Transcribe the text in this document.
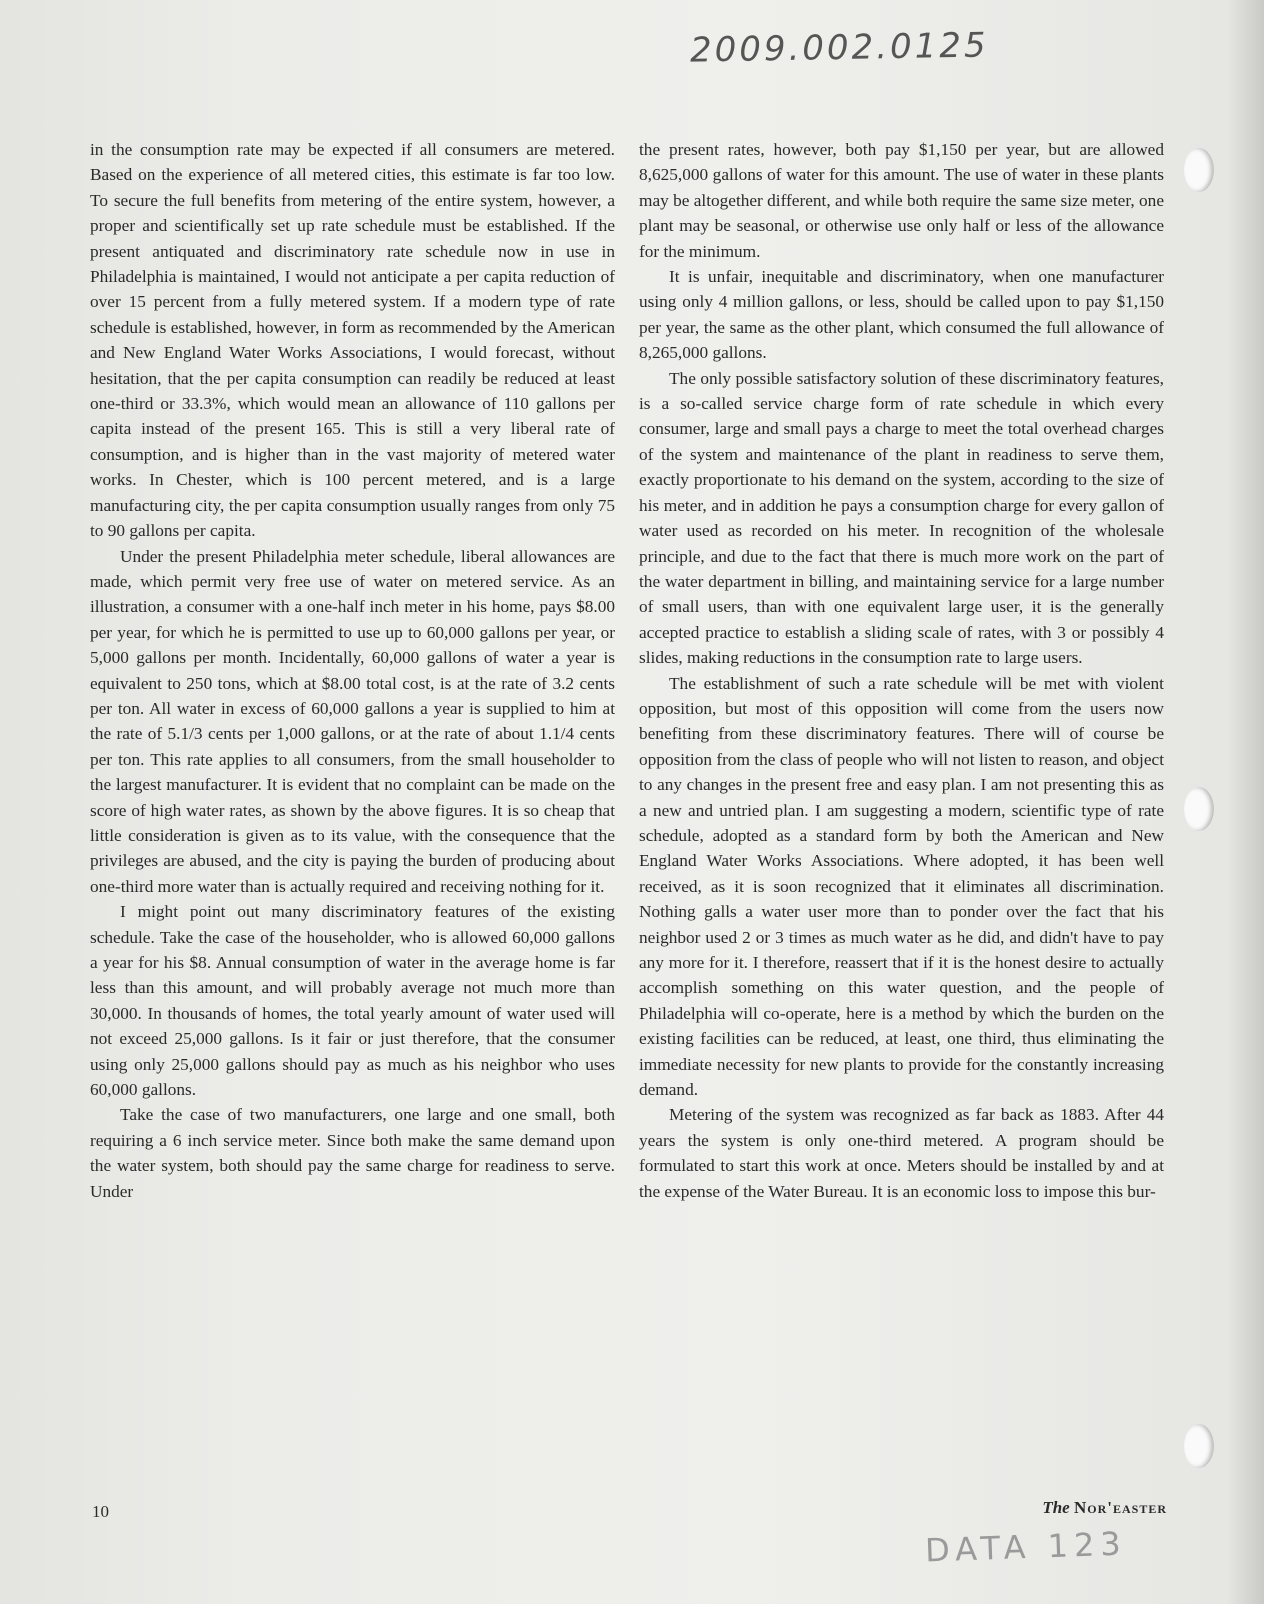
2009.002.0125

in the consumption rate may be expected if all consumers are metered. Based on the experience of all metered cities, this estimate is far too low. To secure the full benefits from metering of the entire system, however, a proper and scientifically set up rate schedule must be established. If the present antiquated and discriminatory rate schedule now in use in Philadelphia is maintained, I would not anticipate a per capita reduction of over 15 percent from a fully metered system. If a modern type of rate schedule is established, however, in form as recommended by the American and New England Water Works Associations, I would forecast, without hesitation, that the per capita consumption can readily be reduced at least one-third or 33.3%, which would mean an allowance of 110 gallons per capita instead of the present 165. This is still a very liberal rate of consumption, and is higher than in the vast majority of metered water works. In Chester, which is 100 percent metered, and is a large manufacturing city, the per capita consumption usually ranges from only 75 to 90 gallons per capita.

Under the present Philadelphia meter schedule, liberal allowances are made, which permit very free use of water on metered service. As an illustration, a consumer with a one-half inch meter in his home, pays $8.00 per year, for which he is permitted to use up to 60,000 gallons per year, or 5,000 gallons per month. Incidentally, 60,000 gallons of water a year is equivalent to 250 tons, which at $8.00 total cost, is at the rate of 3.2 cents per ton. All water in excess of 60,000 gallons a year is supplied to him at the rate of 5.1/3 cents per 1,000 gallons, or at the rate of about 1.1/4 cents per ton. This rate applies to all consumers, from the small householder to the largest manufacturer. It is evident that no complaint can be made on the score of high water rates, as shown by the above figures. It is so cheap that little consideration is given as to its value, with the consequence that the privileges are abused, and the city is paying the burden of producing about one-third more water than is actually required and receiving nothing for it.

I might point out many discriminatory features of the existing schedule. Take the case of the householder, who is allowed 60,000 gallons a year for his $8. Annual consumption of water in the average home is far less than this amount, and will probably average not much more than 30,000. In thousands of homes, the total yearly amount of water used will not exceed 25,000 gallons. Is it fair or just therefore, that the consumer using only 25,000 gallons should pay as much as his neighbor who uses 60,000 gallons.

Take the case of two manufacturers, one large and one small, both requiring a 6 inch service meter. Since both make the same demand upon the water system, both should pay the same charge for readiness to serve. Under

the present rates, however, both pay $1,150 per year, but are allowed 8,625,000 gallons of water for this amount. The use of water in these plants may be altogether different, and while both require the same size meter, one plant may be seasonal, or otherwise use only half or less of the allowance for the minimum.

It is unfair, inequitable and discriminatory, when one manufacturer using only 4 million gallons, or less, should be called upon to pay $1,150 per year, the same as the other plant, which consumed the full allowance of 8,265,000 gallons.

The only possible satisfactory solution of these discriminatory features, is a so-called service charge form of rate schedule in which every consumer, large and small pays a charge to meet the total overhead charges of the system and maintenance of the plant in readiness to serve them, exactly proportionate to his demand on the system, according to the size of his meter, and in addition he pays a consumption charge for every gallon of water used as recorded on his meter. In recognition of the wholesale principle, and due to the fact that there is much more work on the part of the water department in billing, and maintaining service for a large number of small users, than with one equivalent large user, it is the generally accepted practice to establish a sliding scale of rates, with 3 or possibly 4 slides, making reductions in the consumption rate to large users.

The establishment of such a rate schedule will be met with violent opposition, but most of this opposition will come from the users now benefiting from these discriminatory features. There will of course be opposition from the class of people who will not listen to reason, and object to any changes in the present free and easy plan. I am not presenting this as a new and untried plan. I am suggesting a modern, scientific type of rate schedule, adopted as a standard form by both the American and New England Water Works Associations. Where adopted, it has been well received, as it is soon recognized that it eliminates all discrimination. Nothing galls a water user more than to ponder over the fact that his neighbor used 2 or 3 times as much water as he did, and didn't have to pay any more for it. I therefore, reassert that if it is the honest desire to actually accomplish something on this water question, and the people of Philadelphia will co-operate, here is a method by which the burden on the existing facilities can be reduced, at least, one third, thus eliminating the immediate necessity for new plants to provide for the constantly increasing demand.

Metering of the system was recognized as far back as 1883. After 44 years the system is only one-third metered. A program should be formulated to start this work at once. Meters should be installed by and at the expense of the Water Bureau. It is an economic loss to impose this bur-

10	The Nor'easter
DATA 123
